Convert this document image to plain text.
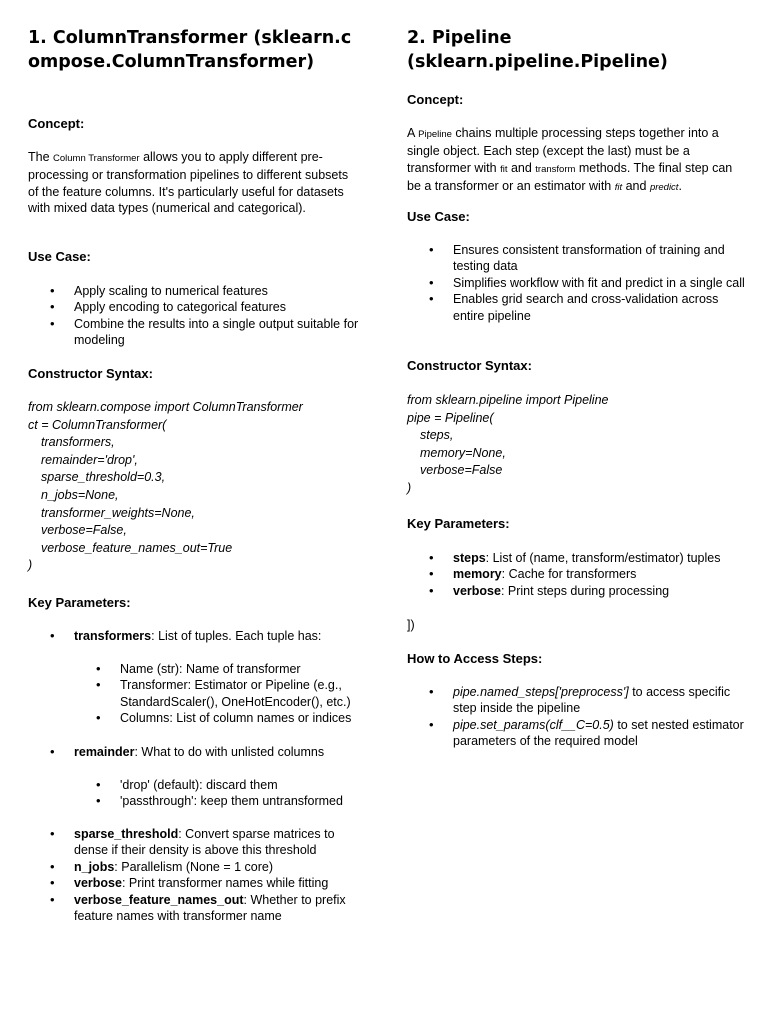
1. ColumnTransformer (sklearn.compose.ColumnTransformer)
Concept:
The Column Transformer allows you to apply different pre-processing or transformation pipelines to different subsets of the feature columns. It's particularly useful for datasets with mixed data types (numerical and categorical).
Use Case:
• Apply scaling to numerical features
• Apply encoding to categorical features
• Combine the results into a single output suitable for modeling
Constructor Syntax:
from sklearn.compose import ColumnTransformer
ct = ColumnTransformer(
transformers,
remainder='drop',
sparse_threshold=0.3,
n_jobs=None,
transformer_weights=None,
verbose=False,
verbose_feature_names_out=True
)
Key Parameters:
• transformers: List of tuples. Each tuple has:
• Name (str): Name of transformer
• Transformer: Estimator or Pipeline (e.g., StandardScaler(), OneHotEncoder(), etc.)
• Columns: List of column names or indices
• remainder: What to do with unlisted columns
• 'drop' (default): discard them
• 'passthrough': keep them untransformed
• sparse_threshold: Convert sparse matrices to dense if their density is above this threshold
• n_jobs: Parallelism (None = 1 core)
• verbose: Print transformer names while fitting
• verbose_feature_names_out: Whether to prefix feature names with transformer name
2. Pipeline (sklearn.pipeline.Pipeline)
Concept:
A Pipeline chains multiple processing steps together into a single object. Each step (except the last) must be a transformer with fit and transform methods. The final step can be a transformer or an estimator with fit and predict.
Use Case:
• Ensures consistent transformation of training and testing data
• Simplifies workflow with fit and predict in a single call
• Enables grid search and cross-validation across entire pipeline
Constructor Syntax:
from sklearn.pipeline import Pipeline
pipe = Pipeline(
steps,
memory=None,
verbose=False
)
Key Parameters:
• steps: List of (name, transform/estimator) tuples
• memory: Cache for transformers
• verbose: Print steps during processing
])
How to Access Steps:
• pipe.named_steps['preprocess'] to access specific step inside the pipeline
• pipe.set_params(clf__C=0.5) to set nested estimator parameters of the required model
